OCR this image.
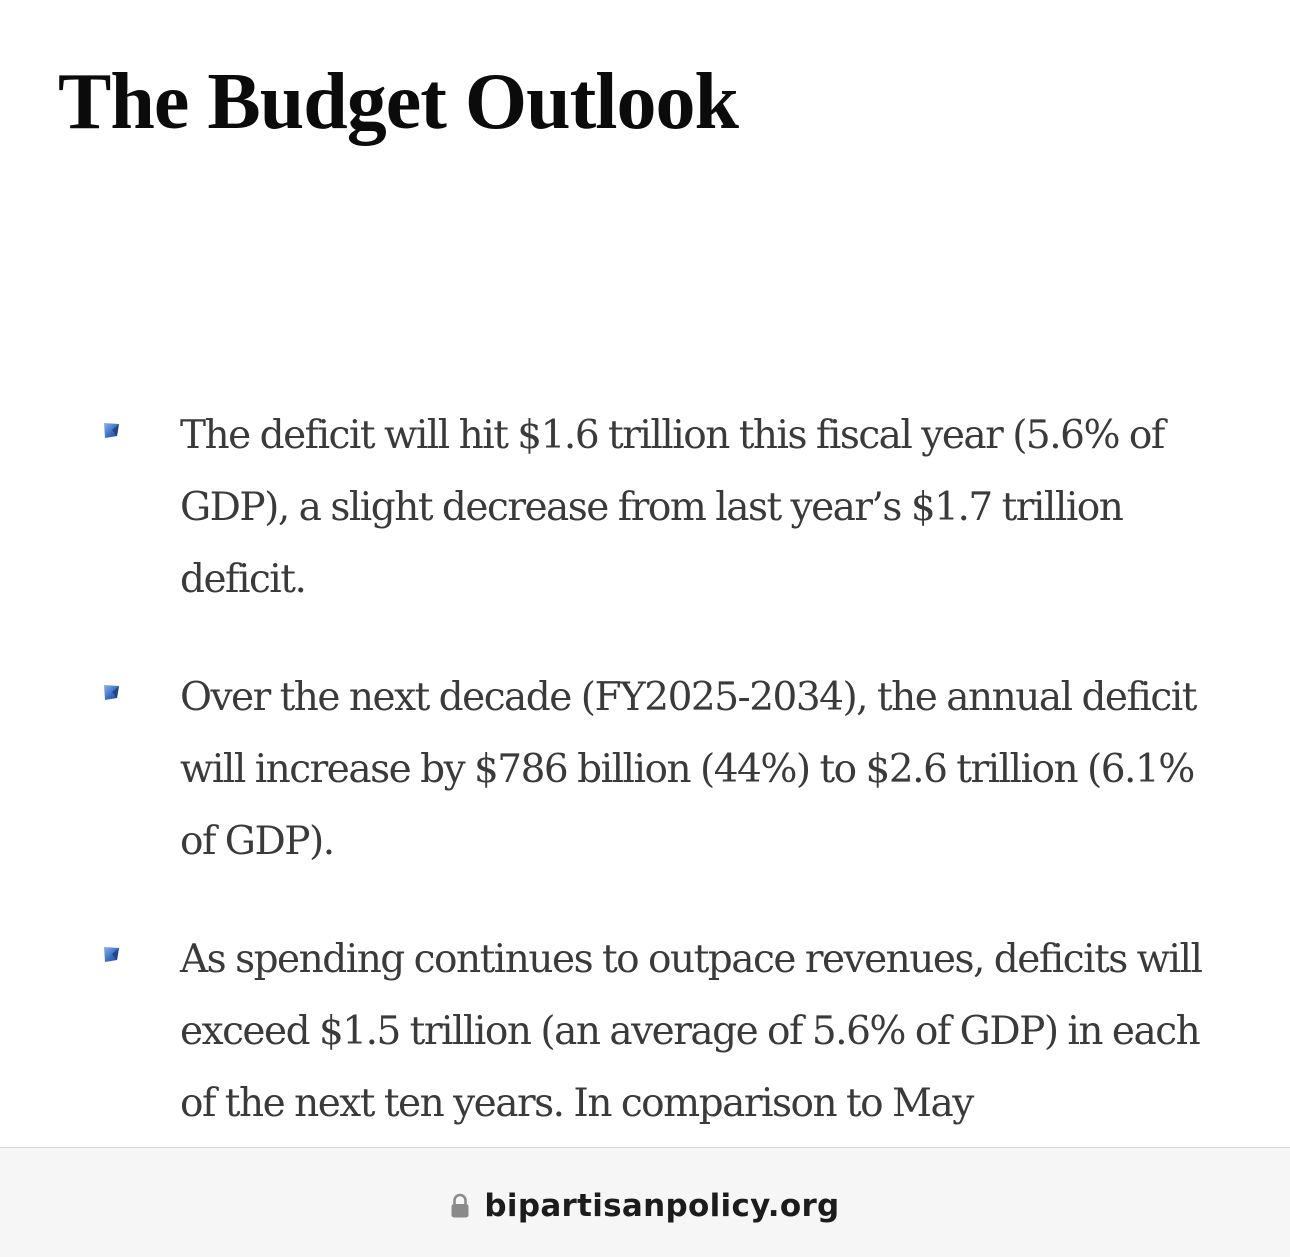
The Budget Outlook
The deficit will hit $1.6 trillion this fiscal year (5.6% of GDP), a slight decrease from last year’s $1.7 trillion deficit.
Over the next decade (FY2025-2034), the annual deficit will increase by $786 billion (44%) to $2.6 trillion (6.1% of GDP).
As spending continues to outpace revenues, deficits will exceed $1.5 trillion (an average of 5.6% of GDP) in each of the next ten years. In comparison to May
bipartisanpolicy.org
